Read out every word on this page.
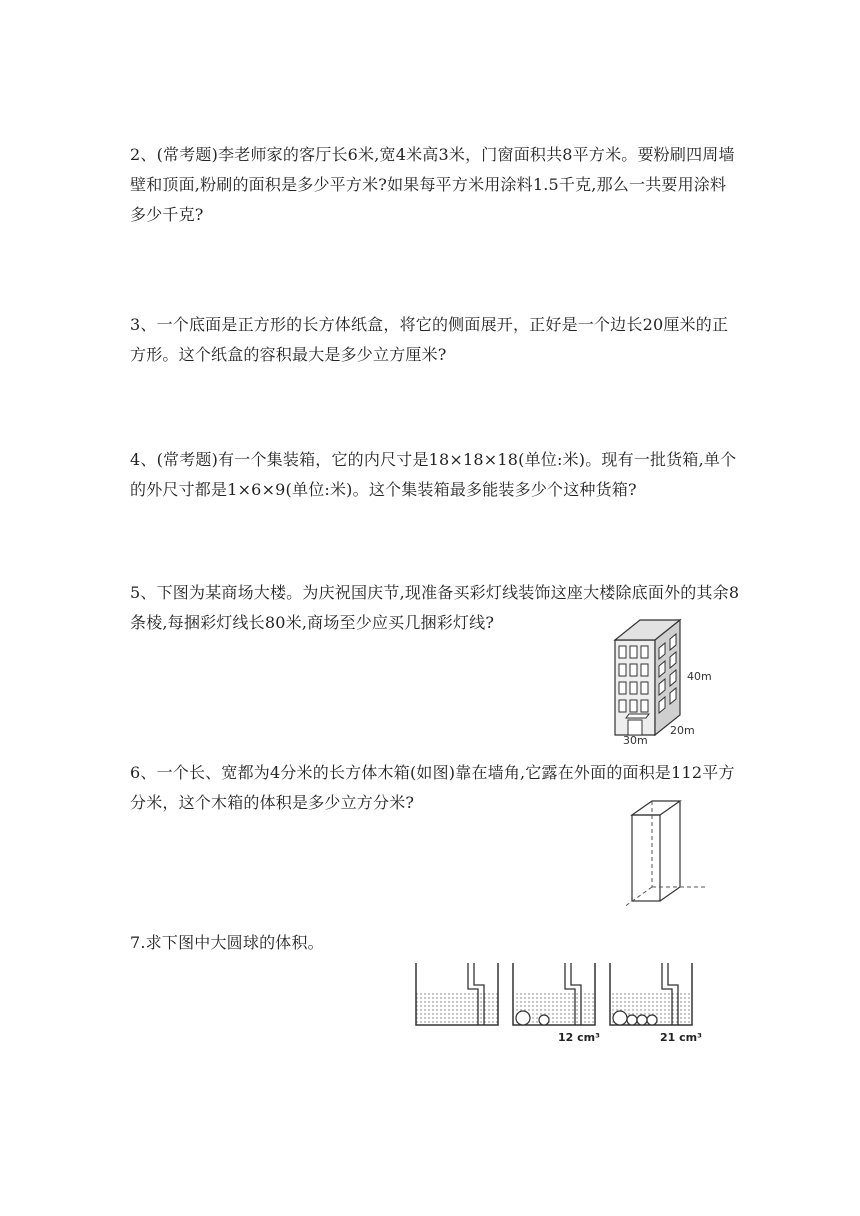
2、(常考题)李老师家的客厅长6米,宽4米高3米，门窗面积共8平方米。要粉刷四周墙壁和顶面,粉刷的面积是多少平方米?如果每平方米用涂料1.5千克,那么一共要用涂料多少千克?

3、一个底面是正方形的长方体纸盒，将它的侧面展开，正好是一个边长20厘米的正方形。这个纸盒的容积最大是多少立方厘米?

4、(常考题)有一个集装箱，它的内尺寸是18×18×18(单位:米)。现有一批货箱,单个的外尺寸都是1×6×9(单位:米)。这个集装箱最多能装多少个这种货箱?

5、下图为某商场大楼。为庆祝国庆节,现准备买彩灯线装饰这座大楼除底面外的其余8条棱,每捆彩灯线长80米,商场至少应买几捆彩灯线?

6、一个长、宽都为4分米的长方体木箱(如图)靠在墙角,它露在外面的面积是112平方分米，这个木箱的体积是多少立方分米?

7.求下图中大圆球的体积。

40m
30m
20m
12 cm³	21 cm³
